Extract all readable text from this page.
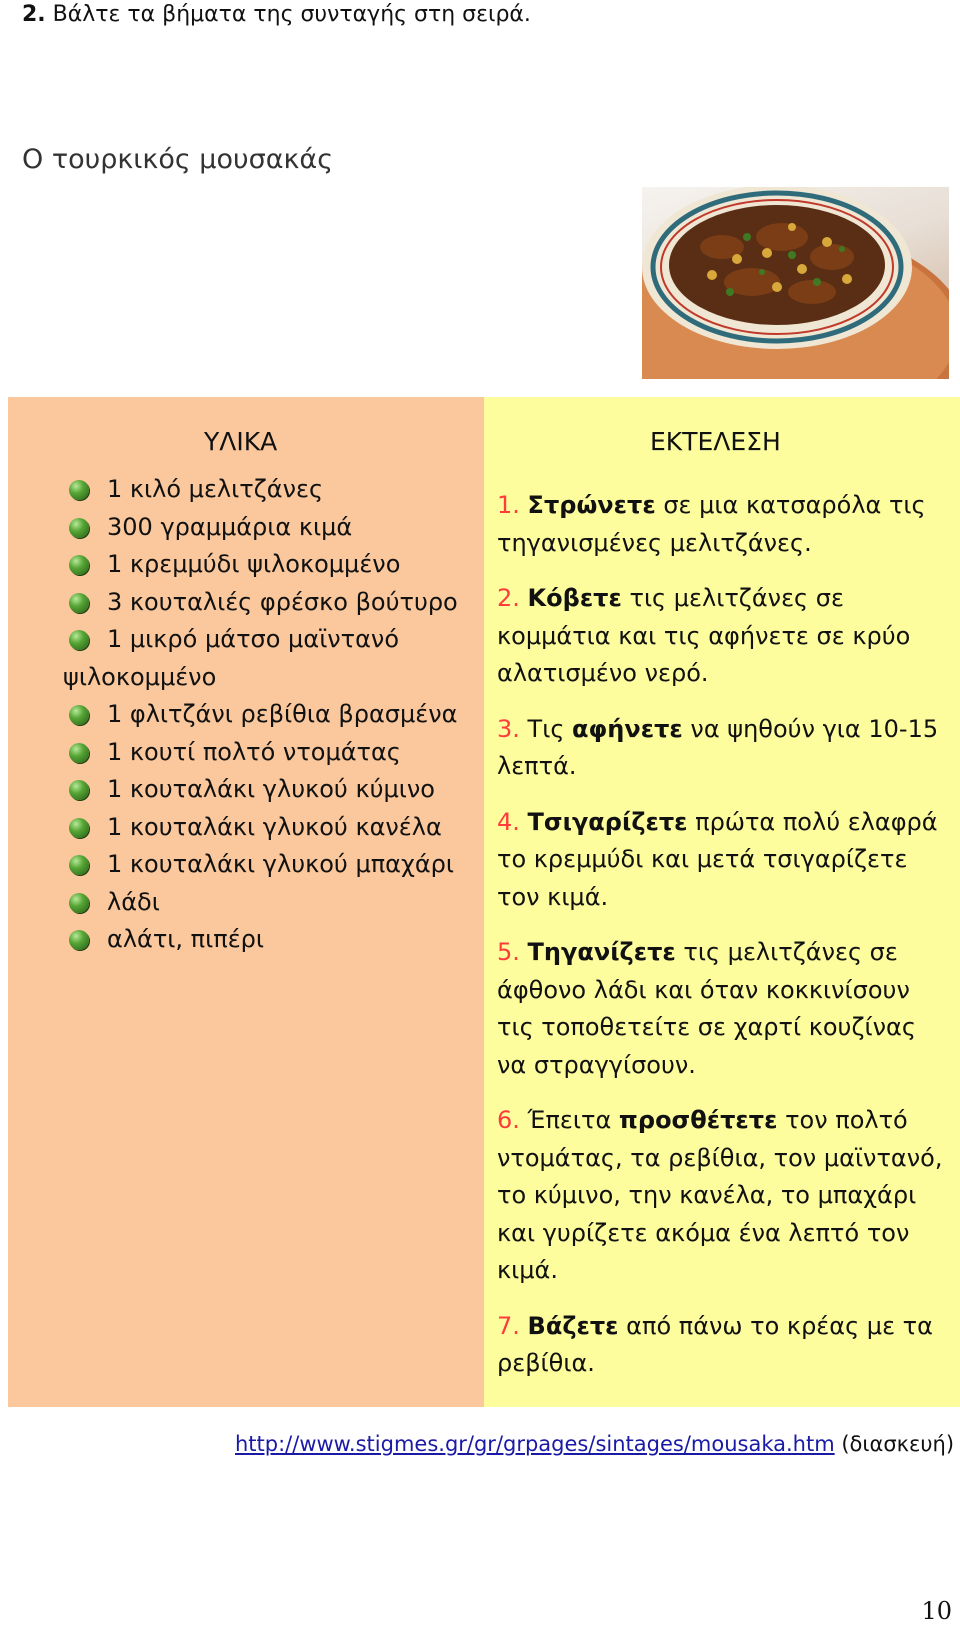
2. Βάλτε τα βήματα της συνταγής στη σειρά.
Ο τουρκικός μουσακάς
ΥΛΙΚΑ
1 κιλό μελιτζάνες
300 γραμμάρια κιμά
1 κρεμμύδι ψιλοκομμένο
3 κουταλιές φρέσκο βούτυρο
1 μικρό μάτσο μαϊντανό ψιλοκομμένο
1 φλιτζάνι ρεβίθια βρασμένα
1 κουτί πολτό ντομάτας
1 κουταλάκι γλυκού κύμινο
1 κουταλάκι γλυκού κανέλα
1 κουταλάκι γλυκού μπαχάρι
λάδι
αλάτι, πιπέρι
ΕΚΤΕΛΕΣΗ

1. Στρώνετε σε μια κατσαρόλα τις τηγανισμένες μελιτζάνες.

2. Κόβετε τις μελιτζάνες σε κομμάτια και τις αφήνετε σε κρύο αλατισμένο νερό.

3. Τις αφήνετε να ψηθούν για 10-15 λεπτά.

4. Τσιγαρίζετε πρώτα πολύ ελαφρά το κρεμμύδι και μετά τσιγαρίζετε τον κιμά.

5. Τηγανίζετε τις μελιτζάνες σε άφθονο λάδι και όταν κοκκινίσουν τις τοποθετείτε σε χαρτί κουζίνας να στραγγίσουν.

6. Έπειτα προσθέτετε τον πολτό ντομάτας, τα ρεβίθια, τον μαϊντανό, το κύμινο, την κανέλα, το μπαχάρι και γυρίζετε ακόμα ένα λεπτό τον κιμά.

7. Βάζετε από πάνω το κρέας με τα ρεβίθια.

http://www.stigmes.gr/gr/grpages/sintages/mousaka.htm (διασκευή)
10
